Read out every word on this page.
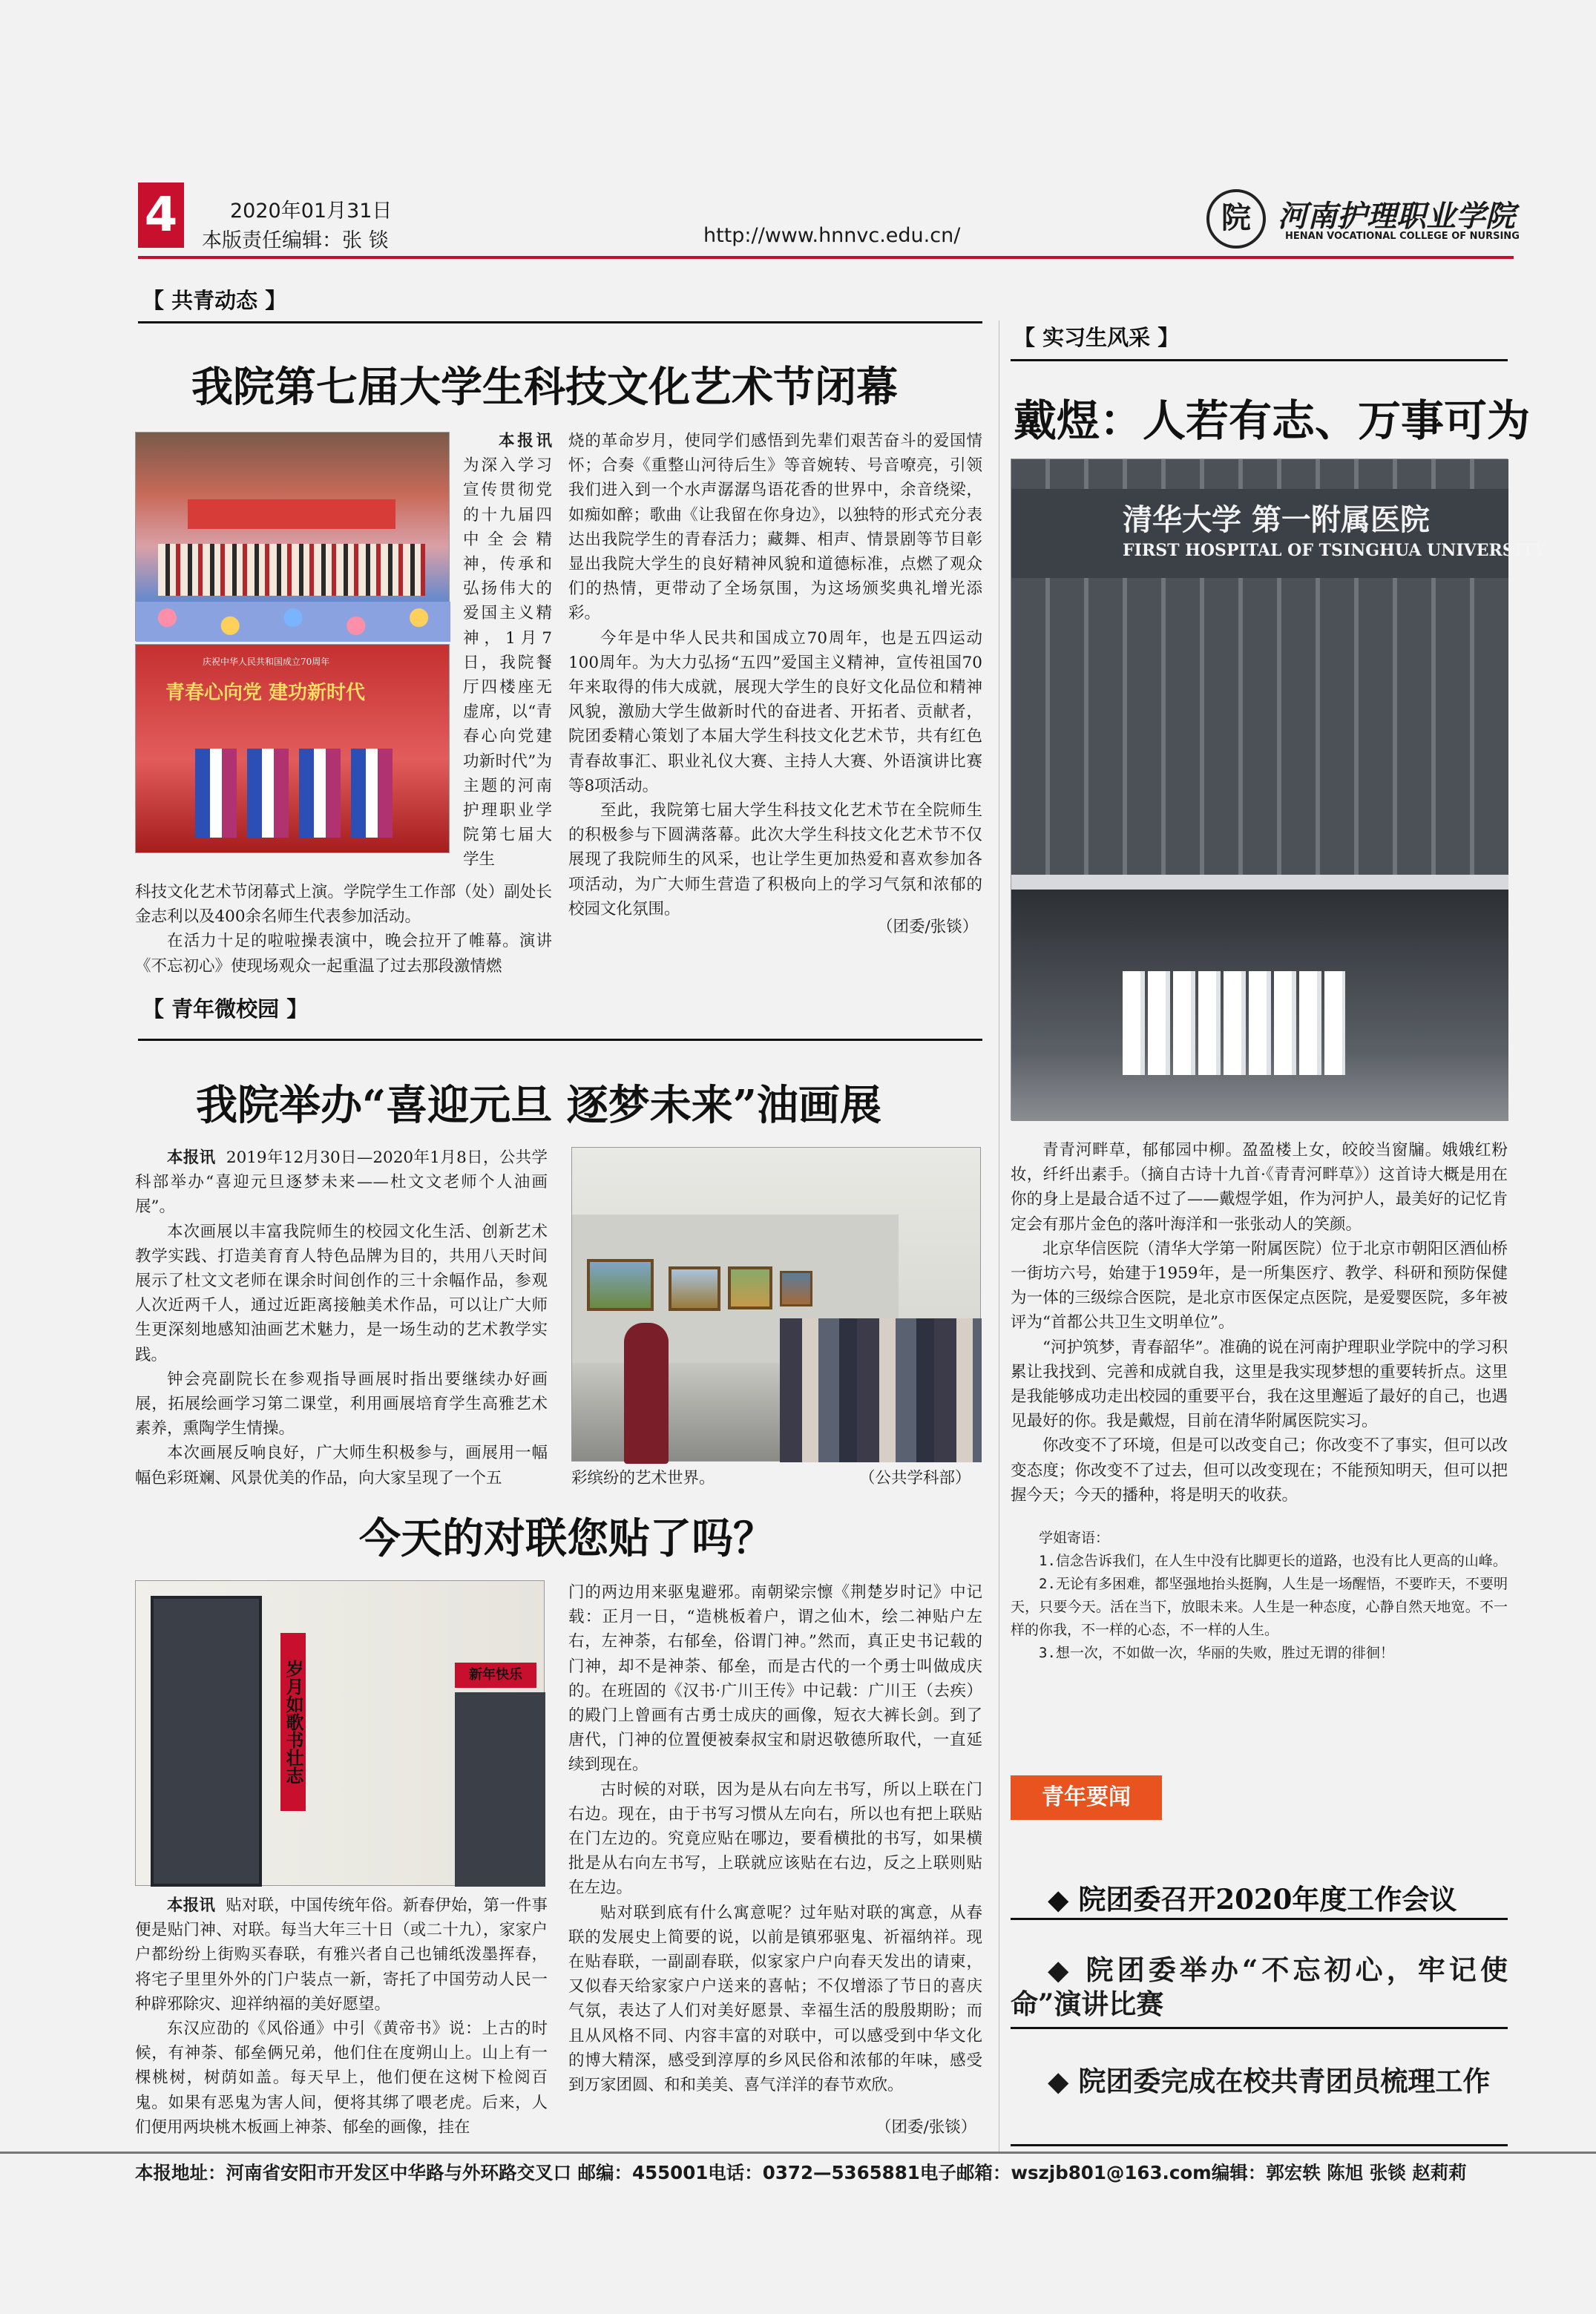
4	2020年01月31日
本版责任编辑：张 锬	http://www.hnnvc.edu.cn/
院 河南护理职业学院
HENAN VOCATIONAL COLLEGE OF NURSING
【 共青动态 】
我院第七届大学生科技文化艺术节闭幕
庆祝中华人民共和国成立70周年
青春心向党 建功新时代

本报讯为深入学习宣传贯彻党的十九届四中全会精神，传承和弘扬伟大的爱国主义精神，1月7日，我院餐厅四楼座无虚席，以“青春心向党建功新时代”为主题的河南护理职业学院第七届大学生

科技文化艺术节闭幕式上演。学院学生工作部（处）副处长金志利以及400余名师生代表参加活动。

在活力十足的啦啦操表演中，晚会拉开了帷幕。演讲《不忘初心》使现场观众一起重温了过去那段激情燃

烧的革命岁月，使同学们感悟到先辈们艰苦奋斗的爱国情怀；合奏《重整山河待后生》等音婉转、号音嘹亮，引领我们进入到一个水声潺潺鸟语花香的世界中，余音绕梁，如痴如醉；歌曲《让我留在你身边》，以独特的形式充分表达出我院学生的青春活力；藏舞、相声、情景剧等节目彰显出我院大学生的良好精神风貌和道德标准，点燃了观众们的热情，更带动了全场氛围，为这场颁奖典礼增光添彩。

今年是中华人民共和国成立70周年，也是五四运动100周年。为大力弘扬“五四”爱国主义精神，宣传祖国70年来取得的伟大成就，展现大学生的良好文化品位和精神风貌，激励大学生做新时代的奋进者、开拓者、贡献者，院团委精心策划了本届大学生科技文化艺术节，共有红色青春故事汇、职业礼仪大赛、主持人大赛、外语演讲比赛等8项活动。

至此，我院第七届大学生科技文化艺术节在全院师生的积极参与下圆满落幕。此次大学生科技文化艺术节不仅展现了我院师生的风采，也让学生更加热爱和喜欢参加各项活动，为广大师生营造了积极向上的学习气氛和浓郁的校园文化氛围。

（团委/张锬）
【 青年微校园 】
我院举办“喜迎元旦 逐梦未来”油画展

本报讯 2019年12月30日—2020年1月8日，公共学科部举办“喜迎元旦逐梦未来——杜文文老师个人油画展”。

本次画展以丰富我院师生的校园文化生活、创新艺术教学实践、打造美育育人特色品牌为目的，共用八天时间展示了杜文文老师在课余时间创作的三十余幅作品，参观人次近两千人，通过近距离接触美术作品，可以让广大师生更深刻地感知油画艺术魅力，是一场生动的艺术教学实践。

钟会亮副院长在参观指导画展时指出要继续办好画展，拓展绘画学习第二课堂，利用画展培育学生高雅艺术素养，熏陶学生情操。

本次画展反响良好，广大师生积极参与，画展用一幅幅色彩斑斓、风景优美的作品，向大家呈现了一个五	彩缤纷的艺术世界。	（公共学科部）
今天的对联您贴了吗？
岁月如歌书壮志	新年快乐

本报讯 贴对联，中国传统年俗。新春伊始，第一件事便是贴门神、对联。每当大年三十日（或二十九），家家户户都纷纷上街购买春联，有雅兴者自己也铺纸泼墨挥春，将宅子里里外外的门户装点一新，寄托了中国劳动人民一种辟邪除灾、迎祥纳福的美好愿望。

东汉应劭的《风俗通》中引《黄帝书》说：上古的时候，有神荼、郁垒俩兄弟，他们住在度朔山上。山上有一棵桃树，树荫如盖。每天早上，他们便在这树下检阅百鬼。如果有恶鬼为害人间，便将其绑了喂老虎。后来，人们便用两块桃木板画上神荼、郁垒的画像，挂在

门的两边用来驱鬼避邪。南朝梁宗懔《荆楚岁时记》中记载：正月一日，“造桃板着户，谓之仙木，绘二神贴户左右，左神荼，右郁垒，俗谓门神。”然而，真正史书记载的门神，却不是神荼、郁垒，而是古代的一个勇士叫做成庆的。在班固的《汉书·广川王传》中记载：广川王（去疾）的殿门上曾画有古勇士成庆的画像，短衣大裤长剑。到了唐代，门神的位置便被秦叔宝和尉迟敬德所取代，一直延续到现在。

古时候的对联，因为是从右向左书写，所以上联在门右边。现在，由于书写习惯从左向右，所以也有把上联贴在门左边的。究竟应贴在哪边，要看横批的书写，如果横批是从右向左书写，上联就应该贴在右边，反之上联则贴在左边。

贴对联到底有什么寓意呢？过年贴对联的寓意，从春联的发展史上简要的说，以前是镇邪驱鬼、祈福纳祥。现在贴春联，一副副春联，似家家户户向春天发出的请柬，又似春天给家家户户送来的喜帖；不仅增添了节日的喜庆气氛，表达了人们对美好愿景、幸福生活的殷殷期盼；而且从风格不同、内容丰富的对联中，可以感受到中华文化的博大精深，感受到淳厚的乡风民俗和浓郁的年味，感受到万家团圆、和和美美、喜气洋洋的春节欢欣。

（团委/张锬）
【 实习生风采 】
戴煜：人若有志、万事可为
清华大学 第一附属医院
FIRST HOSPITAL OF TSINGHUA UNIVERSITY

青青河畔草，郁郁园中柳。盈盈楼上女，皎皎当窗牖。娥娥红粉妆，纤纤出素手。（摘自古诗十九首·《青青河畔草》）这首诗大概是用在你的身上是最合适不过了——戴煜学姐，作为河护人，最美好的记忆肯定会有那片金色的落叶海洋和一张张动人的笑颜。

北京华信医院（清华大学第一附属医院）位于北京市朝阳区酒仙桥一街坊六号，始建于1959年，是一所集医疗、教学、科研和预防保健为一体的三级综合医院，是北京市医保定点医院，是爱婴医院，多年被评为“首都公共卫生文明单位”。

“河护筑梦，青春韶华”。准确的说在河南护理职业学院中的学习积累让我找到、完善和成就自我，这里是我实现梦想的重要转折点。这里是我能够成功走出校园的重要平台，我在这里邂逅了最好的自己，也遇见最好的你。我是戴煜，目前在清华附属医院实习。

你改变不了环境，但是可以改变自己；你改变不了事实，但可以改变态度；你改变不了过去，但可以改变现在；不能预知明天，但可以把握今天；今天的播种，将是明天的收获。

学姐寄语：

1.信念告诉我们，在人生中没有比脚更长的道路，也没有比人更高的山峰。

2.无论有多困难，都坚强地抬头挺胸，人生是一场醒悟，不要昨天，不要明天，只要今天。活在当下，放眼未来。人生是一种态度，心静自然天地宽。不一样的你我，不一样的心态，不一样的人生。

3.想一次，不如做一次，华丽的失败，胜过无谓的徘徊！

青年要闻
◆ 院团委召开2020年度工作会议
◆ 院团委举办“不忘初心，牢记使命”演讲比赛
◆ 院团委完成在校共青团员梳理工作
本报地址：河南省安阳市开发区中华路与外环路交叉口 邮编：455001电话：0372—5365881电子邮箱：wszjb801@163.com编辑：郭宏轶 陈旭 张锬 赵莉莉
